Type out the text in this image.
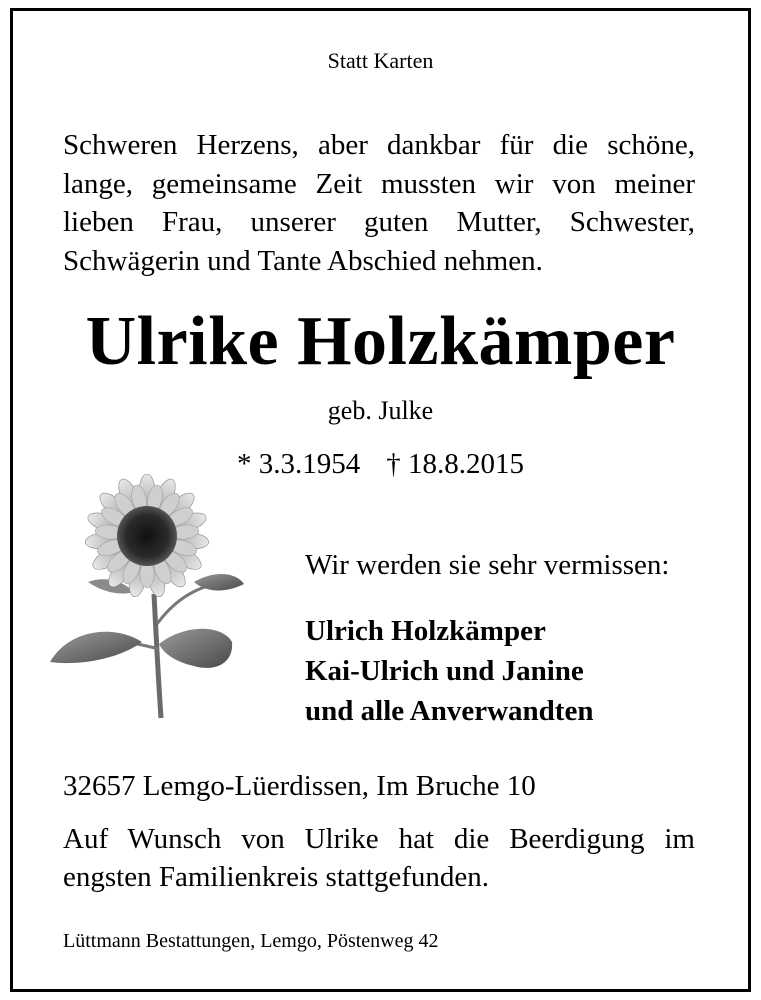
Statt Karten
Schweren Herzens, aber dankbar für die schöne,
lange, gemeinsame Zeit mussten wir von meiner
lieben Frau, unserer guten Mutter, Schwester,
Schwägerin und Tante Abschied nehmen.
Ulrike Holzkämper
geb. Julke
* 3.3.1954 † 18.8.2015
Wir werden sie sehr vermissen:
Ulrich Holzkämper
Kai-Ulrich und Janine
und alle Anverwandten
32657 Lemgo-Lüerdissen, Im Bruche 10
Auf Wunsch von Ulrike hat die Beerdigung im
engsten Familienkreis stattgefunden.
Lüttmann Bestattungen, Lemgo, Pöstenweg 42
